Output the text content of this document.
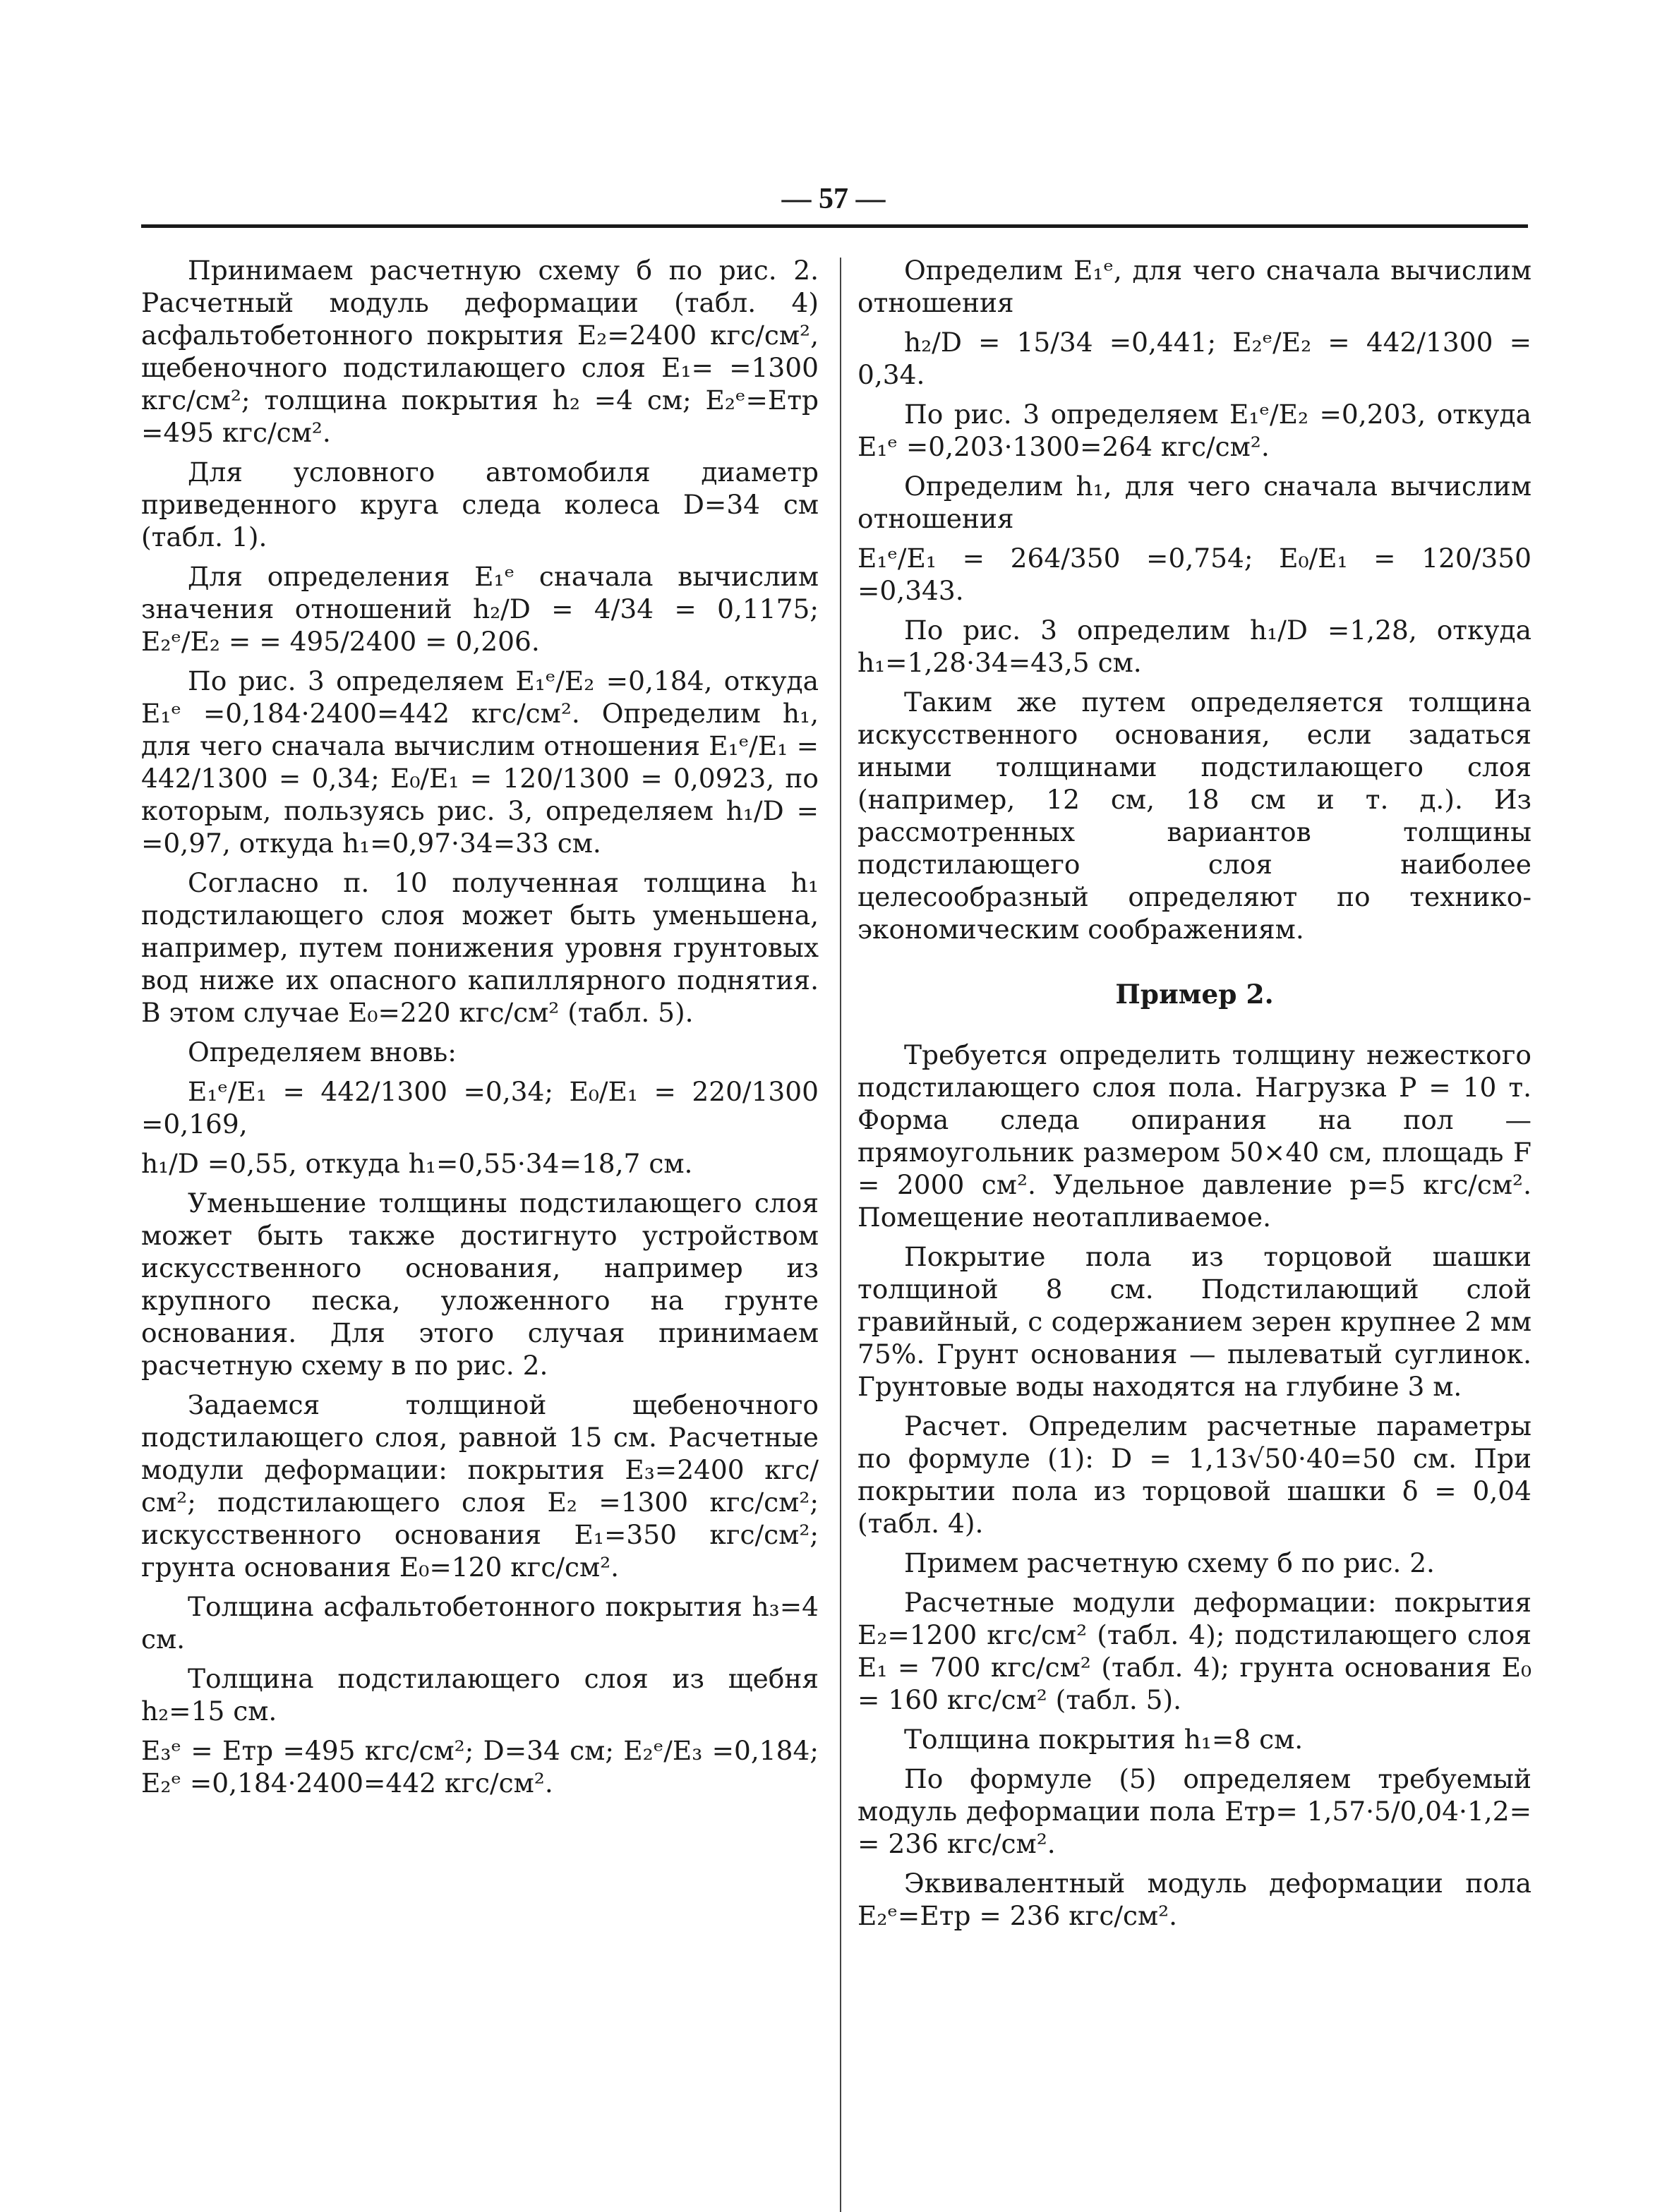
— 57 —

Принимаем расчетную схему б по рис. 2. Расчетный модуль деформации (табл. 4) асфальтобетонного покрытия E₂=2400 кгс/см², щебеночного подстилающего слоя E₁= =1300 кгс/см²; толщина покрытия h₂ =4 см; E₂ᵉ=Eтр =495 кгс/см².

Для условного автомобиля диаметр приведенного круга следа колеса D=34 см (табл. 1).

Для определения E₁ᵉ сначала вычислим значения отношений h₂/D = 4/34 = 0,1175; E₂ᵉ/E₂ = = 495/2400 = 0,206.

По рис. 3 определяем E₁ᵉ/E₂ =0,184, откуда E₁ᵉ =0,184·2400=442 кгс/см². Определим h₁, для чего сначала вычислим отношения E₁ᵉ/E₁ = 442/1300 = 0,34; E₀/E₁ = 120/1300 = 0,0923, по которым, пользуясь рис. 3, определяем h₁/D = =0,97, откуда h₁=0,97·34=33 см.

Согласно п. 10 полученная толщина h₁ подстилающего слоя может быть уменьшена, например, путем понижения уровня грунтовых вод ниже их опасного капиллярного поднятия. В этом случае E₀=220 кгс/см² (табл. 5).

Определяем вновь:

E₁ᵉ/E₁ = 442/1300 =0,34; E₀/E₁ = 220/1300 =0,169,

h₁/D =0,55, откуда h₁=0,55·34=18,7 см.

Уменьшение толщины подстилающего слоя может быть также достигнуто устройством искусственного основания, например из крупного песка, уложенного на грунте основания. Для этого случая принимаем расчетную схему в по рис. 2.

Задаемся толщиной щебеночного подстилающего слоя, равной 15 см. Расчетные модули деформации: покрытия E₃=2400 кгс/см²; подстилающего слоя E₂ =1300 кгс/см²; искусственного основания E₁=350 кгс/см²; грунта основания E₀=120 кгс/см².

Толщина асфальтобетонного покрытия h₃=4 см.

Толщина подстилающего слоя из щебня h₂=15 см.

E₃ᵉ = Eтр =495 кгс/см²; D=34 см; E₂ᵉ/E₃ =0,184; E₂ᵉ =0,184·2400=442 кгс/см².

Определим E₁ᵉ, для чего сначала вычислим отношения

h₂/D = 15/34 =0,441; E₂ᵉ/E₂ = 442/1300 = 0,34.

По рис. 3 определяем E₁ᵉ/E₂ =0,203, откуда E₁ᵉ =0,203·1300=264 кгс/см².

Определим h₁, для чего сначала вычислим отношения

E₁ᵉ/E₁ = 264/350 =0,754; E₀/E₁ = 120/350 =0,343.

По рис. 3 определим h₁/D =1,28, откуда h₁=1,28·34=43,5 см.

Таким же путем определяется толщина искусственного основания, если задаться иными толщинами подстилающего слоя (например, 12 см, 18 см и т. д.). Из рассмотренных вариантов толщины подстилающего слоя наиболее целесообразный определяют по технико-экономическим соображениям.

Пример 2.

Требуется определить толщину нежесткого подстилающего слоя пола. Нагрузка P = 10 т. Форма следа опирания на пол — прямоугольник размером 50×40 см, площадь F = 2000 см². Удельное давление p=5 кгс/см². Помещение неотапливаемое.

Покрытие пола из торцовой шашки толщиной 8 см. Подстилающий слой гравийный, с содержанием зерен крупнее 2 мм 75%. Грунт основания — пылеватый суглинок. Грунтовые воды находятся на глубине 3 м.

Расчет. Определим расчетные параметры по формуле (1): D = 1,13√50·40=50 см. При покрытии пола из торцовой шашки δ = 0,04 (табл. 4).

Примем расчетную схему б по рис. 2.

Расчетные модули деформации: покрытия E₂=1200 кгс/см² (табл. 4); подстилающего слоя E₁ = 700 кгс/см² (табл. 4); грунта основания E₀ = 160 кгс/см² (табл. 5).

Толщина покрытия h₁=8 см.

По формуле (5) определяем требуемый модуль деформации пола Eтр= 1,57·5/0,04·1,2= = 236 кгс/см².

Эквивалентный модуль деформации пола E₂ᵉ=Eтр = 236 кгс/см².
